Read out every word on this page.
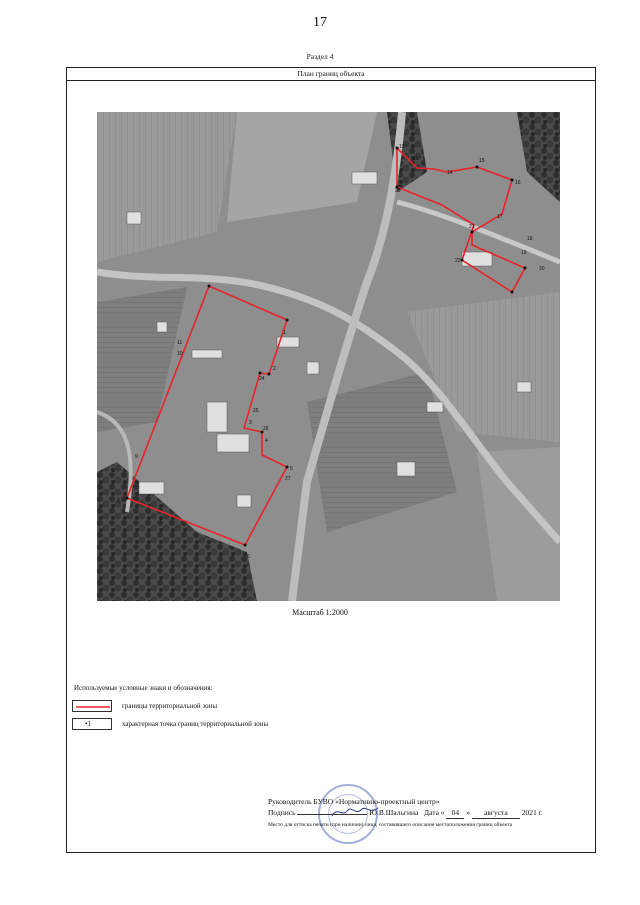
17
Раздел 4
План границ объекта
1
2
3
4
5
6
7
8
9
10
11
12
13
14
15
16
17
18
19
20
21
22
23
24
25
26
27
Масштаб 1:2000
Используемые условные знаки и обозначения:
границы территориальной зоны
•1	характерная точка границ территориальной зоны
Руководитель БУВО «Нормативно-проектный центр»
Подпись	Ю.В.Шальгина Дата « 04 » августа 2021 г.
Место для оттиска печати (при наличии) лица, составившего описание местоположения границ объекта
